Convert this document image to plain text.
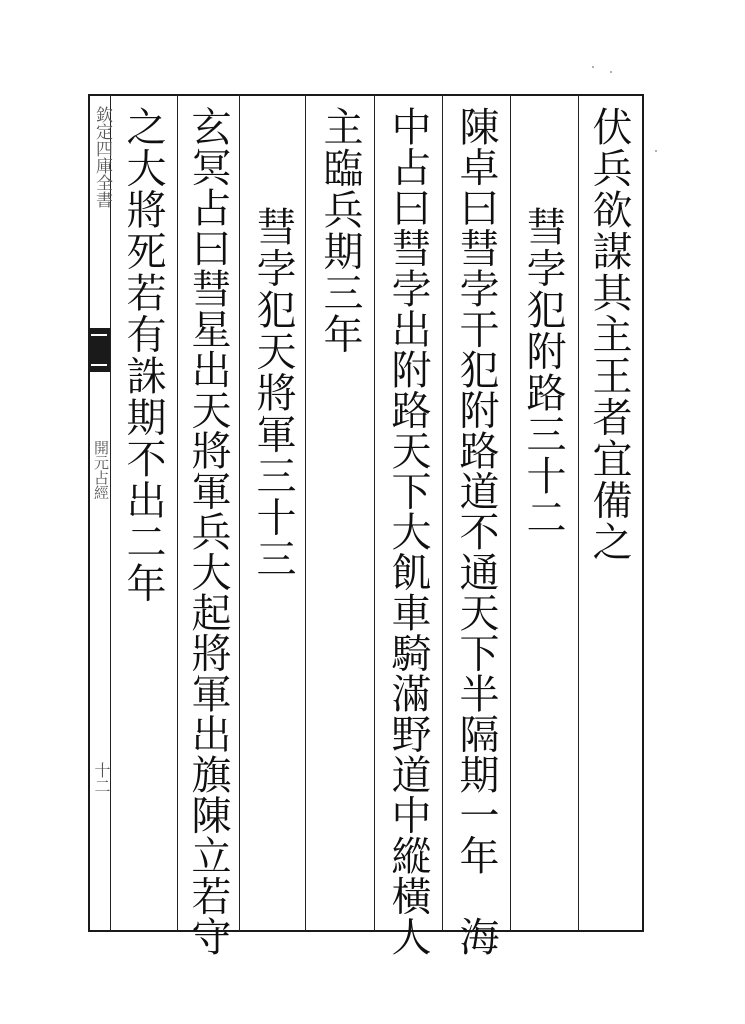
欽定四庫全書
開元占經
十二
伏兵欲謀其主王者宜備之
彗孛犯附路三十二
陳卓曰彗孛干犯附路道不通天下半隔期一年　海
中占曰彗孛出附路天下大飢車騎滿野道中縱橫人
主臨兵期三年
彗孛犯天將軍三十三
玄冥占曰彗星出天將軍兵大起將軍出旗陳立若守
之大將死若有誅期不出二年
